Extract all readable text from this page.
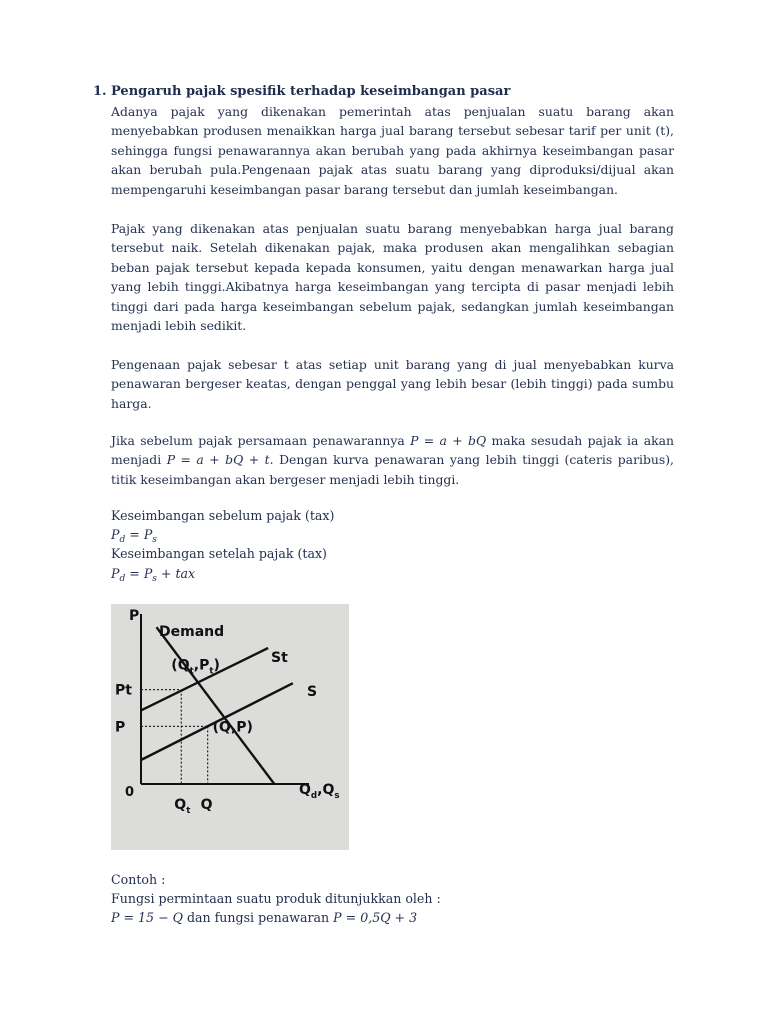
1. Pengaruh pajak spesifik terhadap keseimbangan pasar
Adanya pajak yang dikenakan pemerintah atas penjualan suatu barang akan menyebabkan produsen menaikkan harga jual barang tersebut sebesar tarif per unit (t), sehingga fungsi penawarannya akan berubah yang pada akhirnya keseimbangan pasar akan berubah pula.Pengenaan pajak atas suatu barang yang diproduksi/dijual akan mempengaruhi keseimbangan pasar barang tersebut dan jumlah keseimbangan.
Pajak yang dikenakan atas penjualan suatu barang menyebabkan harga jual barang tersebut naik. Setelah dikenakan pajak, maka produsen akan mengalihkan sebagian beban pajak tersebut kepada kepada konsumen, yaitu dengan menawarkan harga jual yang lebih tinggi.Akibatnya harga keseimbangan yang tercipta di pasar menjadi lebih tinggi dari pada harga keseimbangan sebelum pajak, sedangkan jumlah keseimbangan menjadi lebih sedikit.
Pengenaan pajak sebesar t atas setiap unit barang yang di jual menyebabkan kurva penawaran bergeser keatas, dengan penggal yang lebih besar (lebih tinggi) pada sumbu harga.
Jika sebelum pajak persamaan penawarannya P = a + bQ maka sesudah pajak ia akan menjadi P = a + bQ + t. Dengan kurva penawaran yang lebih tinggi (cateris paribus), titik keseimbangan akan bergeser menjadi lebih tinggi.
Keseimbangan sebelum pajak (tax)
$P_d = P_s$
Keseimbangan setelah pajak (tax)
$P_d = P_s$ + tax
P
Demand
St
S
0
Pt
P
$Q_t$ Q
$Q_d,Q_s$
$(Q_t,P_t)$
(Q,P)
Contoh :
Fungsi permintaan suatu produk ditunjukkan oleh :
P = 15 − Q dan fungsi penawaran P = 0,5Q + 3
